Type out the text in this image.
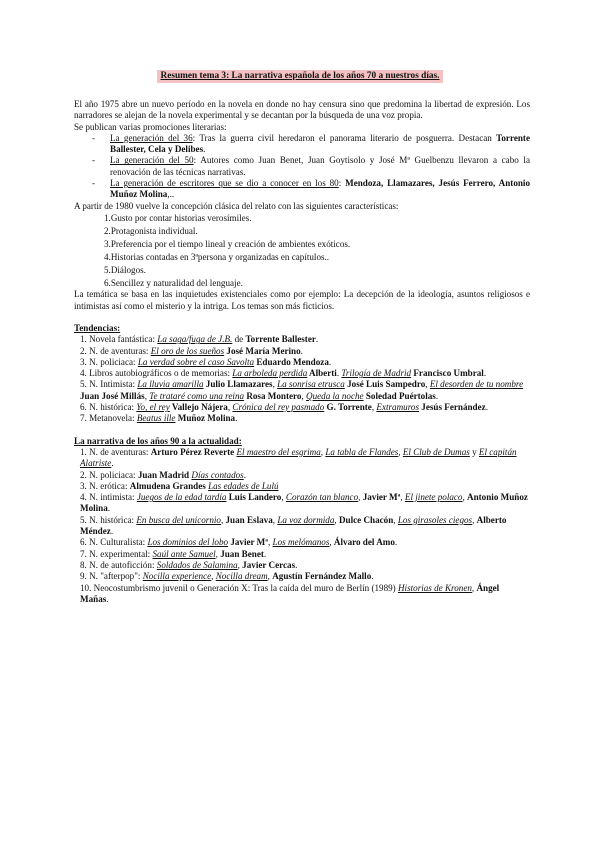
Resumen tema 3: La narrativa española de los años 70 a nuestros días.

El año 1975 abre un nuevo período en la novela en donde no hay censura sino que predomina la libertad de expresión. Los narradores se alejan de la novela experimental y se decantan por la búsqueda de una voz propia.

Se publican varias promociones literarias:

- La generación del 36: Tras la guerra civil heredaron el panorama literario de posguerra. Destacan Torrente Ballester, Cela y Delibes.
- La generación del 50: Autores como Juan Benet, Juan Goytisolo y José Mª Guelbenzu llevaron a cabo la renovación de las técnicas narrativas.
- La generación de escritores que se dio a conocer en los 80: Mendoza, Llamazares, Jesús Ferrero, Antonio Muñoz Molina,..

A partir de 1980 vuelve la concepción clásica del relato con las siguientes características:

1.Gusto por contar historias verosímiles.
2.Protagonista individual.
3.Preferencia por el tiempo lineal y creación de ambientes exóticos.
4.Historias contadas en 3ªpersona y organizadas en capítulos..
5.Diálogos.
6.Sencillez y naturalidad del lenguaje.

La temática se basa en las inquietudes existenciales como por ejemplo: La decepción de la ideología, asuntos religiosos e intimistas así como el misterio y la intriga. Los temas son más ficticios.

Tendencias:
1. Novela fantástica: La saga/fuga de J.B. de Torrente Ballester.
2. N. de aventuras: El oro de los sueños José María Merino.
3. N. policiaca: La verdad sobre el caso Savolta Eduardo Mendoza.
4. Libros autobiográficos o de memorias: La arboleda perdida Alberti. Trilogía de Madrid Francisco Umbral.
5. N. Intimista: La lluvia amarilla Julio Llamazares, La sonrisa etrusca José Luis Sampedro, El desorden de tu nombre Juan José Millás, Te trataré como una reina Rosa Montero, Queda la noche Soledad Puértolas.
6. N. histórica: Yo, el rey Vallejo Nájera, Crónica del rey pasmado G. Torrente, Extramuros Jesús Fernández.
7. Metanovela: Beatus ille Muñoz Molina.
La narrativa de los años 90 a la actualidad:
1. N. de aventuras: Arturo Pérez Reverte El maestro del esgrima, La tabla de Flandes, El Club de Dumas y El capitán Alatriste.
2. N. policiaca: Juan Madrid Días contados.
3. N. erótica: Almudena Grandes Las edades de Lulú
4. N. intimista: Juegos de la edad tardía Luis Landero, Corazón tan blanco, Javier Mª, El jinete polaco, Antonio Muñoz Molina.
5. N. histórica: En busca del unicornio, Juan Eslava, La voz dormida, Dulce Chacón, Los girasoles ciegos, Alberto Méndez.
6. N. Culturalista: Los dominios del lobo Javier Mª, Los melómanos, Álvaro del Amo.
7. N. experimental: Saúl ante Samuel, Juan Benet.
8. N. de autoficción: Soldados de Salamina, Javier Cercas.
9. N. "afterpop": Nocilla experience, Nocilla dream, Agustín Fernández Mallo.
10. Neocostumbrismo juvenil o Generación X: Tras la caída del muro de Berlín (1989) Historias de Kronen, Ángel Mañas.
